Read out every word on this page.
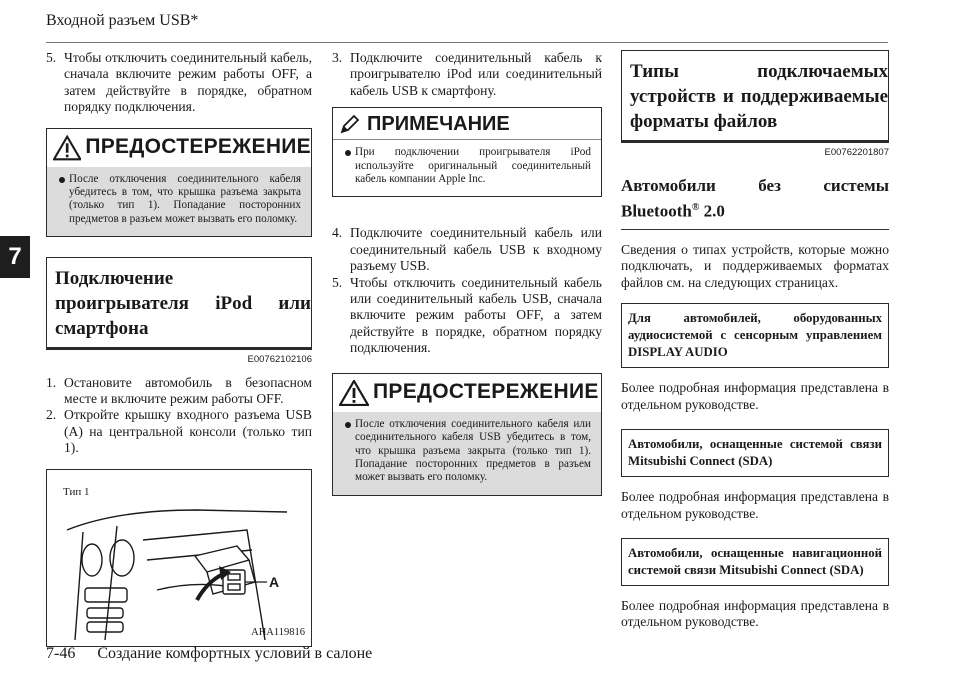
Входной разъем USB*
7
5. Чтобы отключить соединительный кабель, сначала включите режим работы OFF, а затем действуйте в порядке, обратном порядку подключения.
ПРЕДОСТЕРЕЖЕНИЕ
После отключения соединительного кабеля убедитесь в том, что крышка разъема закрыта (только тип 1). Попадание посторонних предметов в разъем может вызвать его поломку.
Подключение проигрывателя iPod или смартфона
E00762102106
1. Остановите автомобиль в безопасном месте и включите режим работы OFF.
2. Откройте крышку входного разъема USB (A) на центральной консоли (только тип 1).
A
Тип 1
AHA119816
3. Подключите соединительный кабель к проигрывателю iPod или соединительный кабель USB к смартфону.
ПРИМЕЧАНИЕ
При подключении проигрывателя iPod используйте оригинальный соединительный кабель компании Apple Inc.
4. Подключите соединительный кабель или соединительный кабель USB к входному разъему USB.
5. Чтобы отключить соединительный кабель или соединительный кабель USB, сначала включите режим работы OFF, а затем действуйте в порядке, обратном порядку подключения.
ПРЕДОСТЕРЕЖЕНИЕ
После отключения соединительного кабеля или соединительного кабеля USB убедитесь в том, что крышка разъема закрыта (только тип 1). Попадание посторонних предметов в разъем может вызвать его поломку.
Типы подключаемых устройств и поддерживаемые форматы файлов
E00762201807
Автомобили без системы Bluetooth® 2.0

Сведения о типах устройств, которые можно подключать, и поддерживаемых форматах файлов см. на следующих страницах.

Для автомобилей, оборудованных аудиосистемой с сенсорным управлением DISPLAY AUDIO

Более подробная информация представлена в отдельном руководстве.

Автомобили, оснащенные системой связи Mitsubishi Connect (SDA)

Более подробная информация представлена в отдельном руководстве.

Автомобили, оснащенные навигационной системой связи Mitsubishi Connect (SDA)

Более подробная информация представлена в отдельном руководстве.

7-46 Создание комфортных условий в салоне
